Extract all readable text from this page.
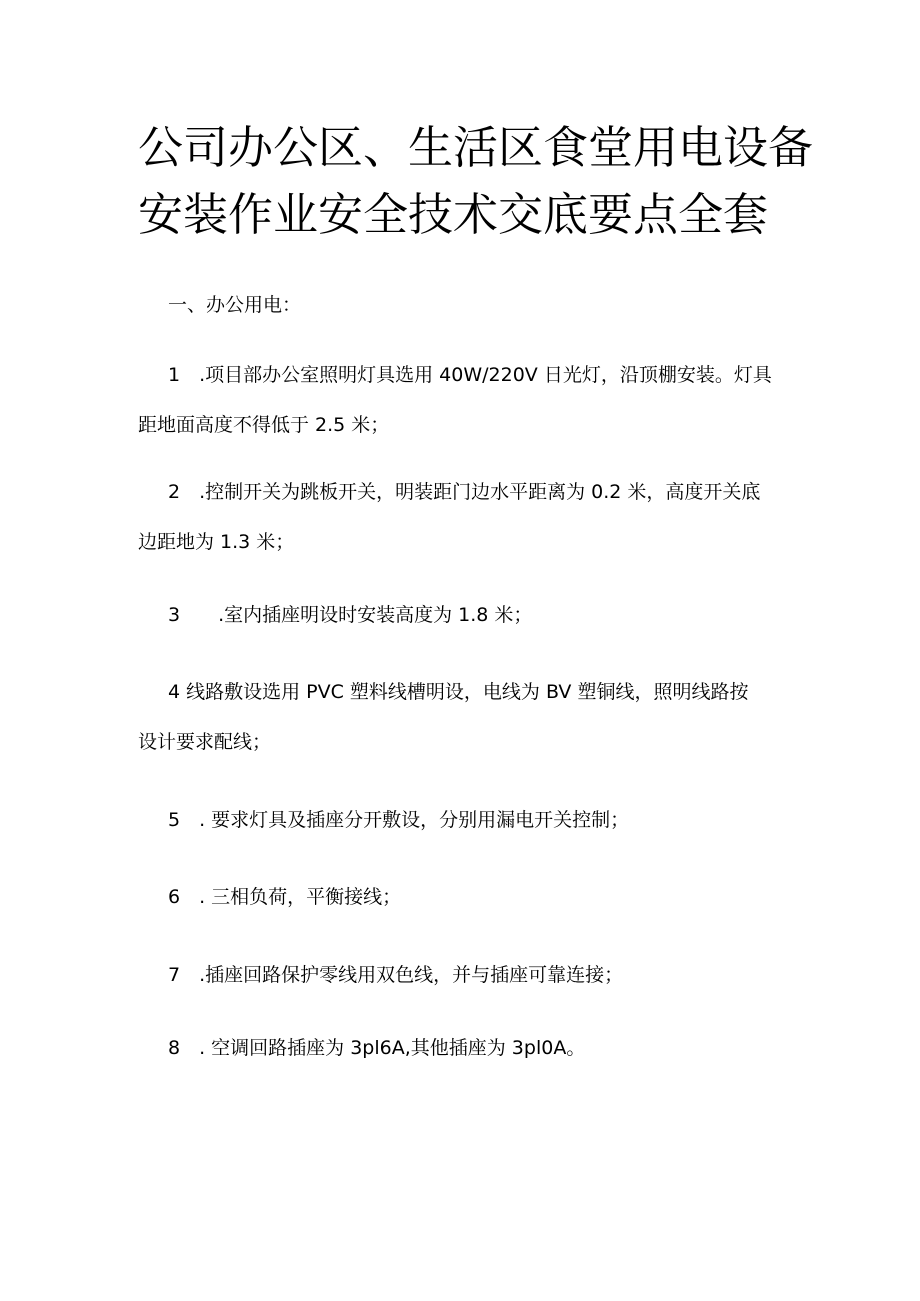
公司办公区、生活区食堂用电设备
安装作业安全技术交底要点全套

一、办公用电：

1　.项目部办公室照明灯具选用 40W/220V 日光灯，沿顶棚安装。灯具
距地面高度不得低于 2.5 米；

2　.控制开关为跳板开关，明装距门边水平距离为 0.2 米，高度开关底
边距地为 1.3 米；

3　　.室内插座明设时安装高度为 1.8 米；

4 线路敷设选用 PVC 塑料线槽明设，电线为 BV 塑铜线，照明线路按
设计要求配线；

5　. 要求灯具及插座分开敷设，分别用漏电开关控制；

6　. 三相负荷，平衡接线；

7　.插座回路保护零线用双色线，并与插座可靠连接；

8　. 空调回路插座为 3pl6A,其他插座为 3pl0A。
